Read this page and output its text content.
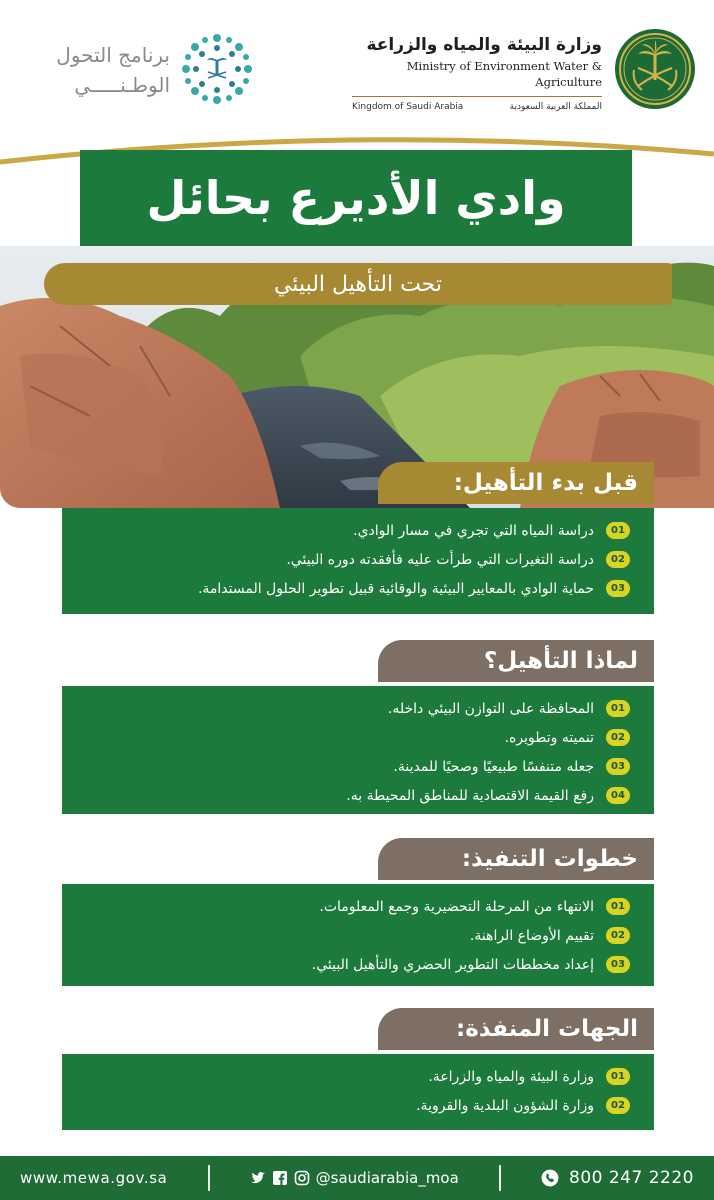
وزارة البيئة والمياه والزراعة
Ministry of Environment Water & Agriculture
Kingdom of Saudi Arabia	المملكة العربية السعودية
برنامج التحول
الوطـنـــــي
وادي الأديرع بحائل
تحت التأهيل البيئي
قبل بدء التأهيل:
01
دراسة المياه التي تجري في مسار الوادي.
02
دراسة التغيرات التي طرأت عليه فأفقدته دوره البيئي.
03
حماية الوادي بالمعايير البيئية والوقائية قبيل تطوير الحلول المستدامة.
لماذا التأهيل؟
01
المحافظة على التوازن البيئي داخله.
02
تنميته وتطويره.
03
جعله متنفسًا طبيعيًا وصحيًا للمدينة.
04
رفع القيمة الاقتصادية للمناطق المحيطة به.
خطوات التنفيذ:
01
الانتهاء من المرحلة التحضيرية وجمع المعلومات.
02
تقييم الأوضاع الراهنة.
03
إعداد مخططات التطوير الحضري والتأهيل البيئي.
الجهات المنفذة:
01
وزارة البيئة والمياه والزراعة.
02
وزارة الشؤون البلدية والقروية.
www.mewa.gov.sa	@saudiarabia_moa	800 247 2220
